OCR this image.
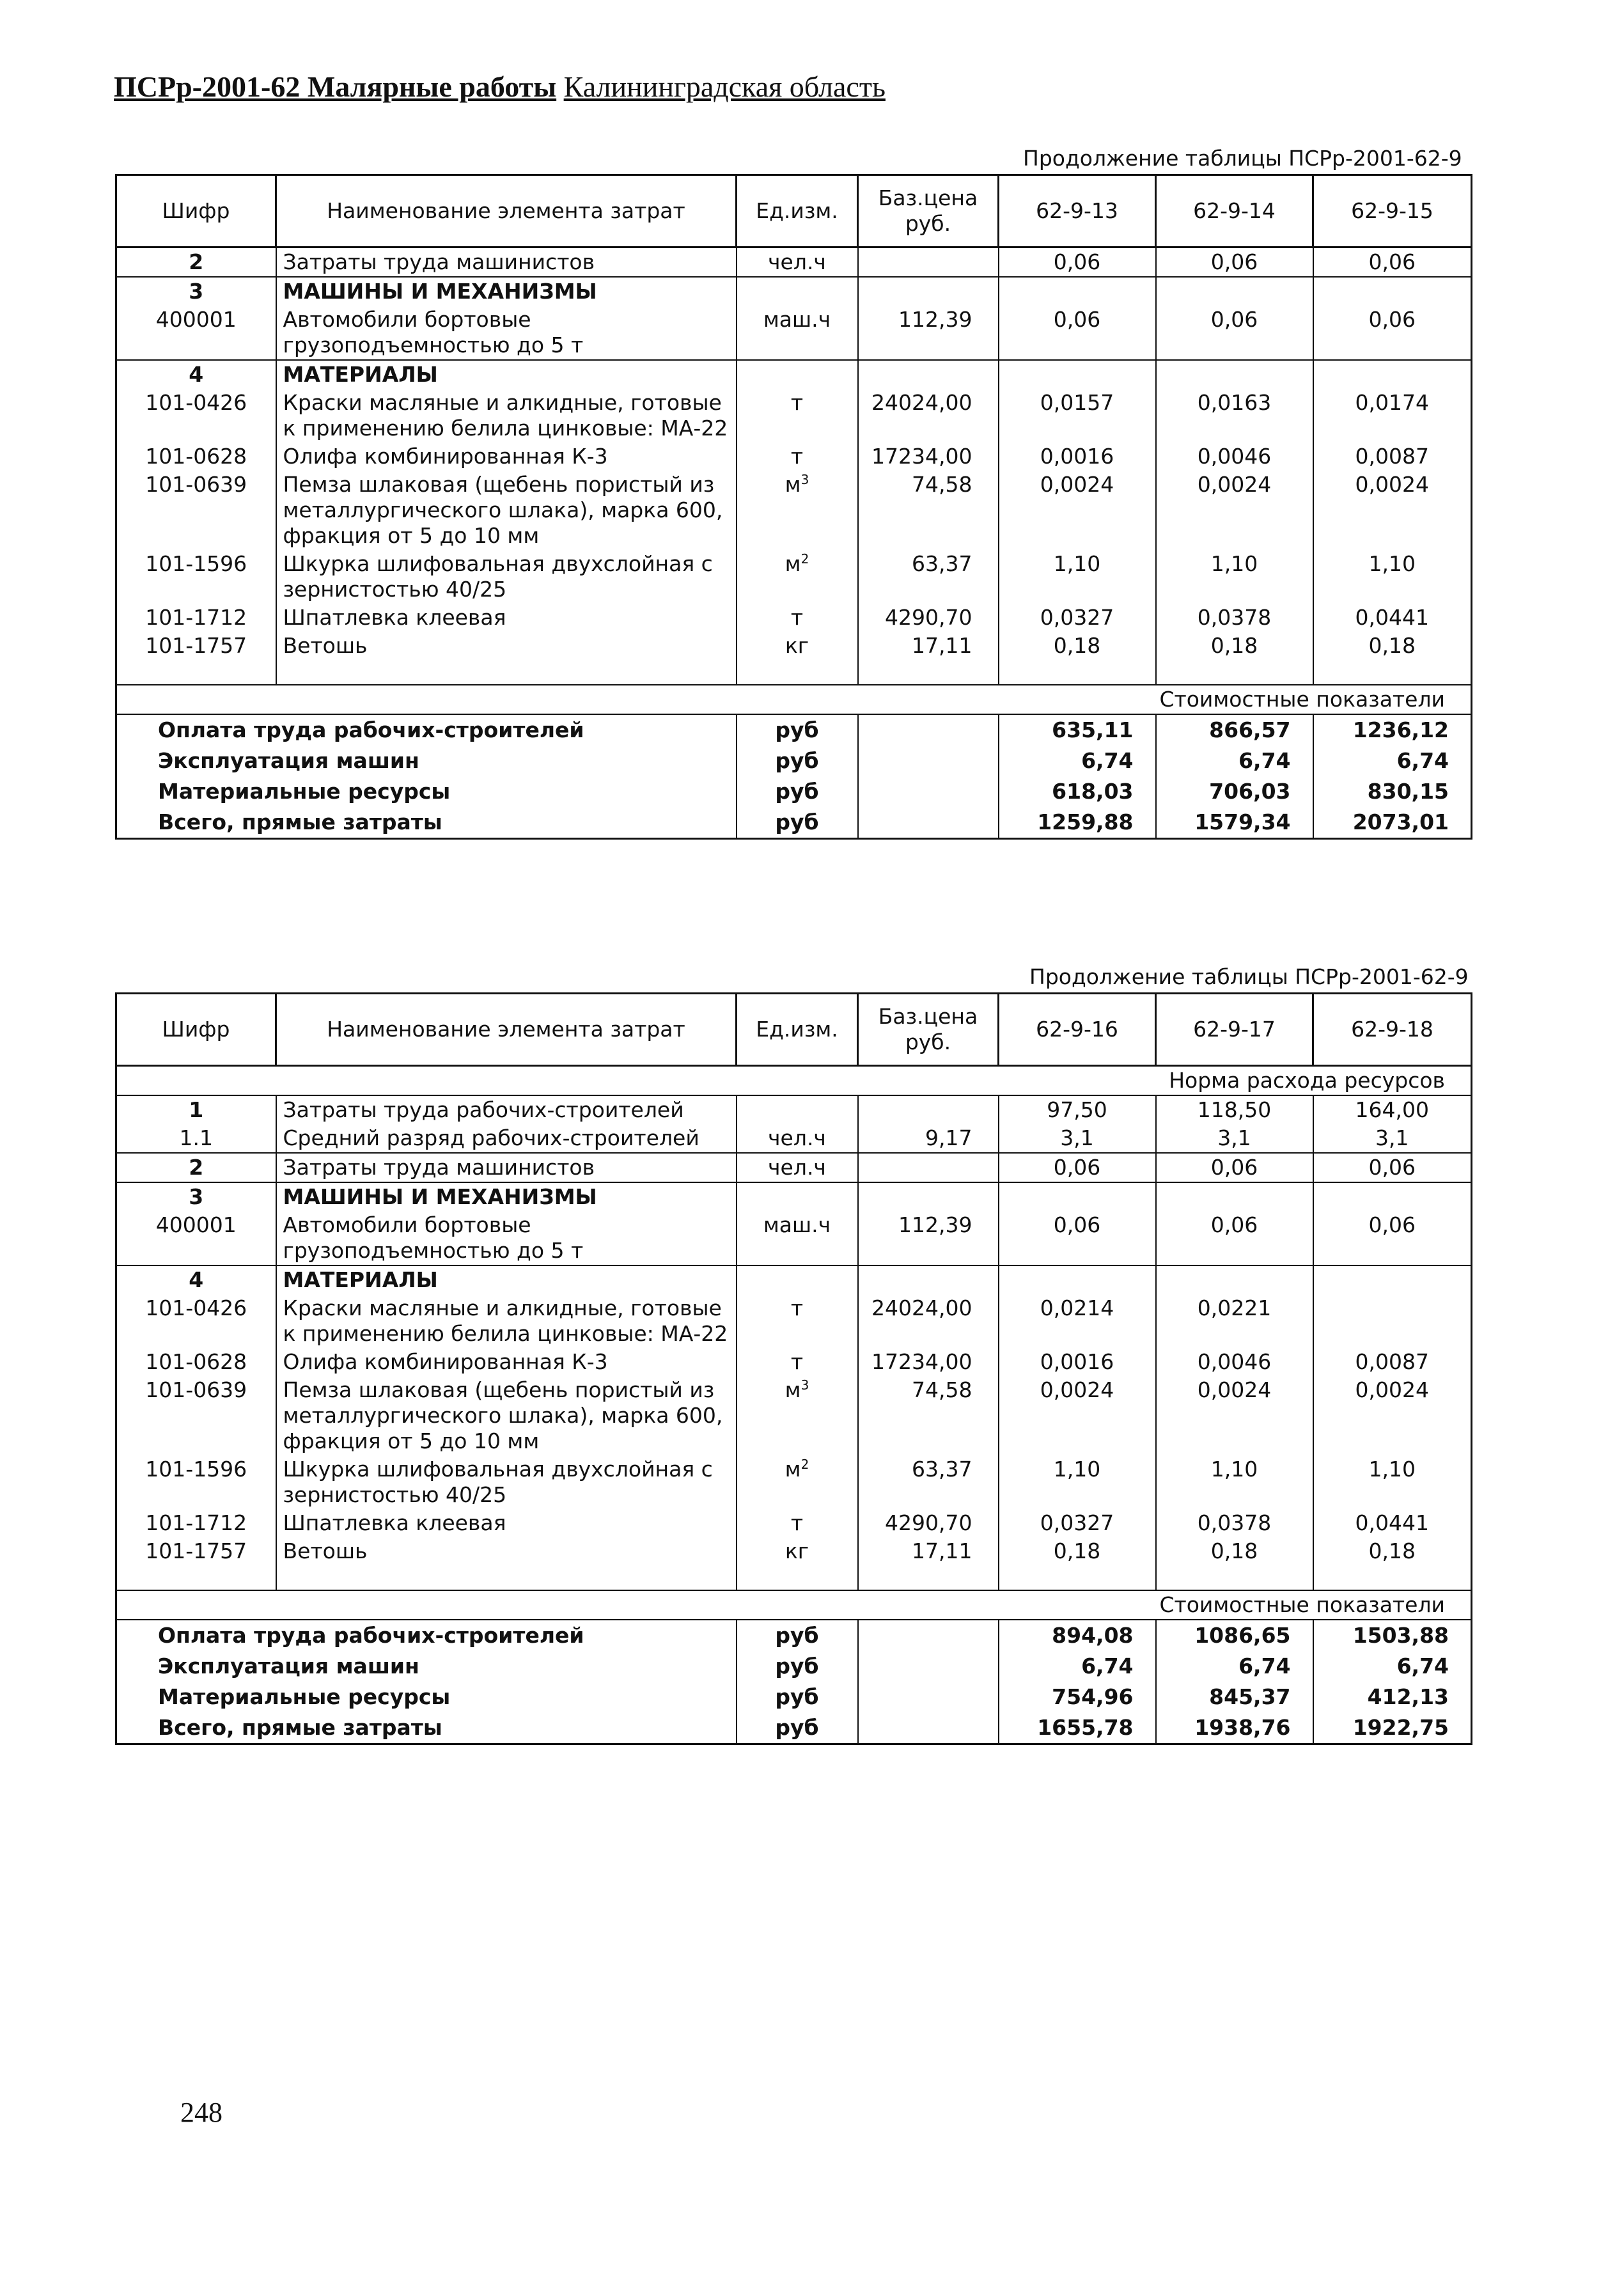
ПСРр-2001-62 Малярные работы Калининградская область
Продолжение таблицы ПСРр-2001-62-9
Шифр	Наименование элемента затрат	Ед.изм.	Баз.цена руб.	62-9-13	62-9-14	62-9-15
2	Затраты труда машинистов	чел.ч		0,06	0,06	0,06
3	МАШИНЫ И МЕХАНИЗМЫ					
400001	Автомобили бортовые грузоподъемностью до 5 т	маш.ч	112,39	0,06	0,06	0,06
4	МАТЕРИАЛЫ					
101-0426	Краски масляные и алкидные, готовые к применению белила цинковые: МА-22	т	24024,00	0,0157	0,0163	0,0174
101-0628	Олифа комбинированная К-3	т	17234,00	0,0016	0,0046	0,0087
101-0639	Пемза шлаковая (щебень пористый из металлургического шлака), марка 600, фракция от 5 до 10 мм	$м^3$	74,58	0,0024	0,0024	0,0024
101-1596	Шкурка шлифовальная двухслойная с зернистостью 40/25	$м^2$	63,37	1,10	1,10	1,10
101-1712	Шпатлевка клеевая	т	4290,70	0,0327	0,0378	0,0441
101-1757	Ветошь	кг	17,11	0,18	0,18	0,18

Стоимостные показатели						
Оплата труда рабочих-строителей		руб		635,11	866,57	1236,12
Эксплуатация машин		руб		6,74	6,74	6,74
Материальные ресурсы		руб		618,03	706,03	830,15
Всего, прямые затраты		руб		1259,88	1579,34	2073,01
Продолжение таблицы ПСРр-2001-62-9
Шифр	Наименование элемента затрат	Ед.изм.	Баз.цена руб.	62-9-16	62-9-17	62-9-18
Норма расхода ресурсов						
1	Затраты труда рабочих-строителей			97,50	118,50	164,00
1.1	Средний разряд рабочих-строителей	чел.ч	9,17	3,1	3,1	3,1
2	Затраты труда машинистов	чел.ч		0,06	0,06	0,06
3	МАШИНЫ И МЕХАНИЗМЫ					
400001	Автомобили бортовые грузоподъемностью до 5 т	маш.ч	112,39	0,06	0,06	0,06
4	МАТЕРИАЛЫ					
101-0426	Краски масляные и алкидные, готовые к применению белила цинковые: МА-22	т	24024,00	0,0214	0,0221	
101-0628	Олифа комбинированная К-3	т	17234,00	0,0016	0,0046	0,0087
101-0639	Пемза шлаковая (щебень пористый из металлургического шлака), марка 600, фракция от 5 до 10 мм	$м^3$	74,58	0,0024	0,0024	0,0024
101-1596	Шкурка шлифовальная двухслойная с зернистостью 40/25	$м^2$	63,37	1,10	1,10	1,10
101-1712	Шпатлевка клеевая	т	4290,70	0,0327	0,0378	0,0441
101-1757	Ветошь	кг	17,11	0,18	0,18	0,18

Стоимостные показатели						
Оплата труда рабочих-строителей		руб		894,08	1086,65	1503,88
Эксплуатация машин		руб		6,74	6,74	6,74
Материальные ресурсы		руб		754,96	845,37	412,13
Всего, прямые затраты		руб		1655,78	1938,76	1922,75
248
